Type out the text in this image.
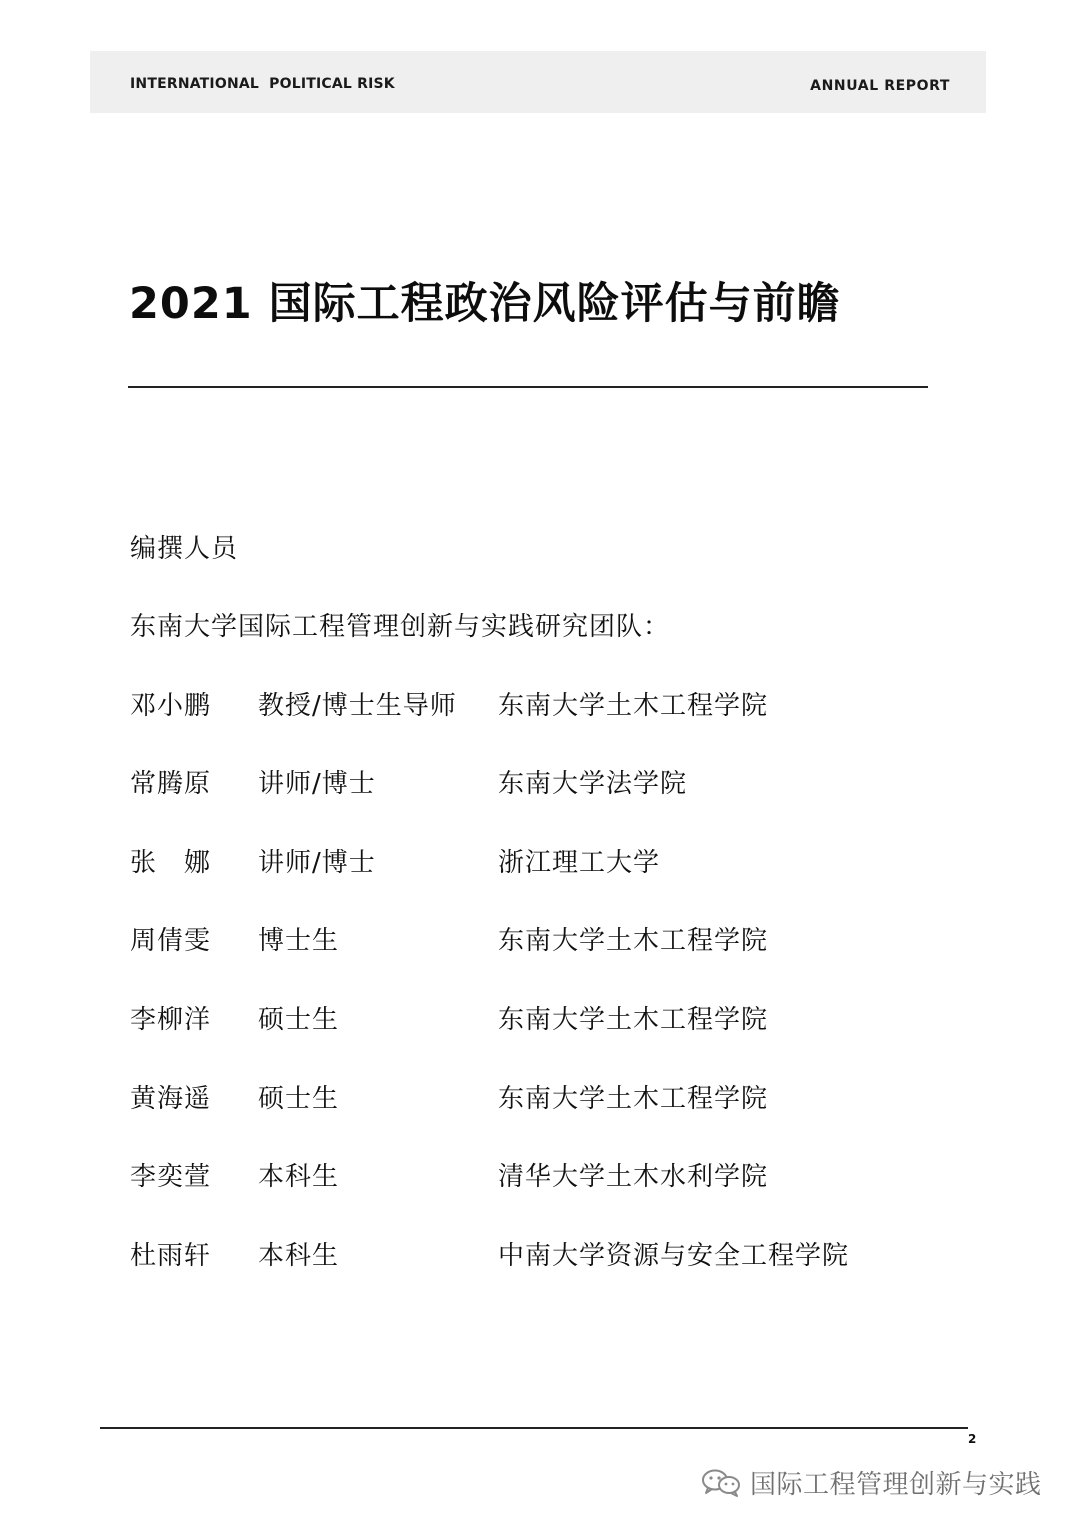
INTERNATIONAL  POLITICAL RISK	ANNUAL REPORT
2021 国际工程政治风险评估与前瞻
编撰人员
东南大学国际工程管理创新与实践研究团队：
邓小鹏 教授/博士生导师 东南大学土木工程学院
常腾原 讲师/博士	东南大学法学院
张　娜 讲师/博士	浙江理工大学
周倩雯 博士生	东南大学土木工程学院
李柳洋 硕士生	东南大学土木工程学院
黄海遥 硕士生	东南大学土木工程学院
李奕萱 本科生	清华大学土木水利学院
杜雨轩 本科生	中南大学资源与安全工程学院
2
国际工程管理创新与实践
